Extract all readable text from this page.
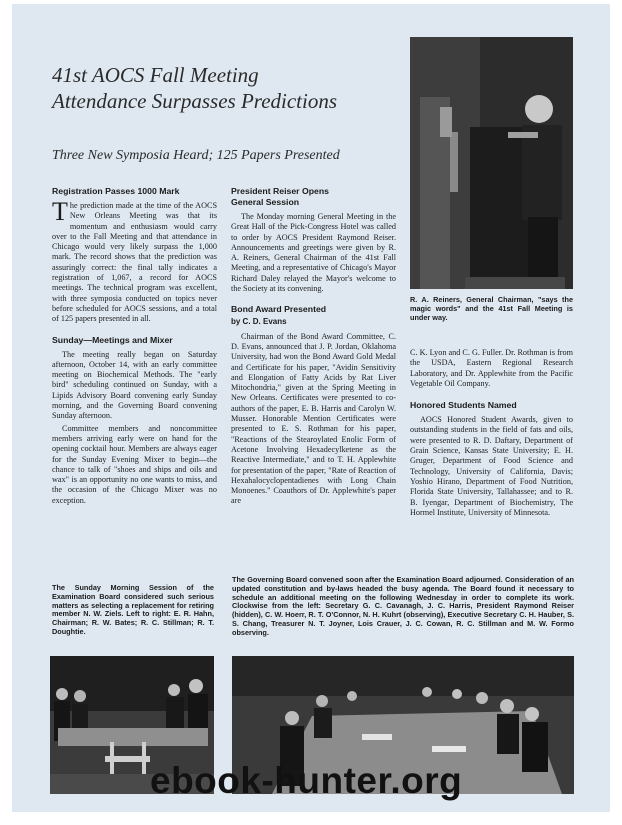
41st AOCS Fall Meeting
Attendance Surpasses Predictions
Three New Symposia Heard; 125 Papers Presented
R. A. Reiners, General Chairman, "says the magic words" and the 41st Fall Meeting is under way.
Registration Passes 1000 Mark

The prediction made at the time of the AOCS New Orleans Meeting was that its momentum and enthusiasm would carry over to the Fall Meeting and that attendance in Chicago would very likely surpass the 1,000 mark. The record shows that the prediction was assuringly correct: the final tally indicates a registration of 1,067, a record for AOCS meetings. The technical program was excellent, with three symposia conducted on topics never before scheduled for AOCS sessions, and a total of 125 papers presented in all.

Sunday—Meetings and Mixer

The meeting really began on Saturday afternoon, October 14, with an early committee meeting on Biochemical Methods. The "early bird" scheduling continued on Sunday, with a Lipids Advisory Board convening early Sunday morning, and the Governing Board convening Sunday afternoon.

Committee members and noncommittee members arriving early were on hand for the opening cocktail hour. Members are always eager for the Sunday Evening Mixer to begin—the chance to talk of "shoes and ships and oils and wax" is an opportunity no one wants to miss, and the occasion of the Chicago Mixer was no exception.

President Reiser Opens
General Session

The Monday morning General Meeting in the Great Hall of the Pick-Congress Hotel was called to order by AOCS President Raymond Reiser. Announcements and greetings were given by R. A. Reiners, General Chairman of the 41st Fall Meeting, and a representative of Chicago's Mayor Richard Daley relayed the Mayor's welcome to the Society at its convening.

Bond Award Presented
by C. D. Evans

Chairman of the Bond Award Committee, C. D. Evans, announced that J. P. Jordan, Oklahoma University, had won the Bond Award Gold Medal and Certificate for his paper, "Avidin Sensitivity and Elongation of Fatty Acids by Rat Liver Mitochondria," given at the Spring Meeting in New Orleans. Certificates were presented to co-authors of the paper, E. B. Harris and Carolyn W. Musser. Honorable Mention Certificates were presented to E. S. Rothman for his paper, "Reactions of the Stearoylated Enolic Form of Acetone Involving Hexadecylketene as the Reactive Intermediate," and to T. H. Applewhite for presentation of the paper, "Rate of Reaction of Hexahalocyclopentadienes with Long Chain Monoenes." Coauthors of Dr. Applewhite's paper are

C. K. Lyon and C. G. Fuller. Dr. Rothman is from the USDA, Eastern Regional Research Laboratory, and Dr. Applewhite from the Pacific Vegetable Oil Company.

Honored Students Named

AOCS Honored Student Awards, given to outstanding students in the field of fats and oils, were presented to R. D. Daftary, Department of Grain Science, Kansas State University; E. H. Gruger, Department of Food Science and Technology, University of California, Davis; Yoshio Hirano, Department of Food Nutrition, Florida State University, Tallahassee; and to R. B. Iyengar, Department of Biochemistry, The Hormel Institute, University of Minnesota.

The Sunday Morning Session of the Examination Board considered such serious matters as selecting a replacement for retiring member N. W. Ziels. Left to right: E. R. Hahn, Chairman; R. W. Bates; R. C. Stillman; R. T. Doughtie.
The Governing Board convened soon after the Examination Board adjourned. Consideration of an updated constitution and by-laws headed the busy agenda. The Board found it necessary to schedule an additional meeting on the following Wednesday in order to complete its work. Clockwise from the left: Secretary G. C. Cavanagh, J. C. Harris, President Raymond Reiser (hidden), C. W. Hoerr, R. T. O'Connor, N. H. Kuhrt (observing), Executive Secretary C. H. Hauber, S. S. Chang, Treasurer N. T. Joyner, Lois Crauer, J. C. Cowan, R. C. Stillman and M. W. Formo observing.
ebook-hunter.org
